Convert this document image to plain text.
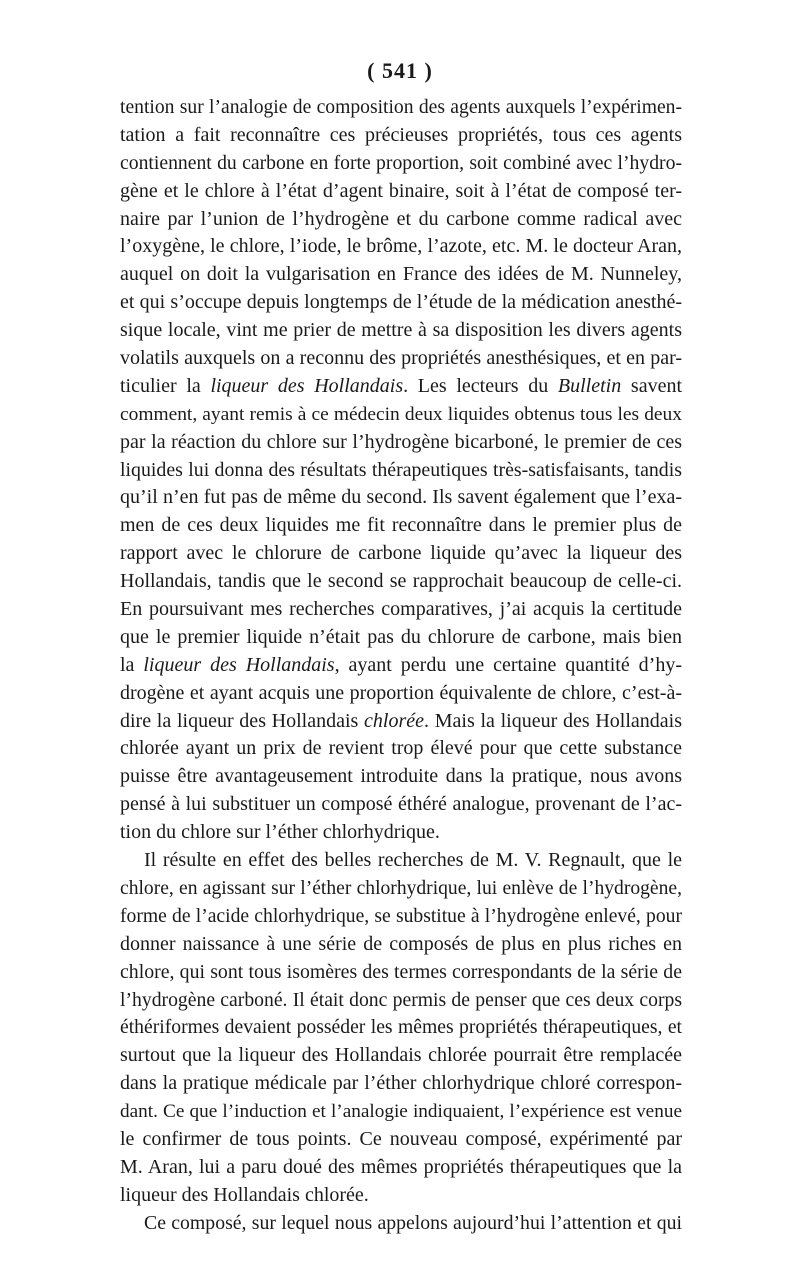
( 541 )
tention sur l’analogie de composition des agents auxquels l’expérimen-
tation a fait reconnaître ces précieuses propriétés, tous ces agents
contiennent du carbone en forte proportion, soit combiné avec l’hydro-
gène et le chlore à l’état d’agent binaire, soit à l’état de composé ter-
naire par l’union de l’hydrogène et du carbone comme radical avec
l’oxygène, le chlore, l’iode, le brôme, l’azote, etc. M. le docteur Aran,
auquel on doit la vulgarisation en France des idées de M. Nunneley,
et qui s’occupe depuis longtemps de l’étude de la médication anesthé-
sique locale, vint me prier de mettre à sa disposition les divers agents
volatils auxquels on a reconnu des propriétés anesthésiques, et en par-
ticulier la liqueur des Hollandais. Les lecteurs du Bulletin savent
comment, ayant remis à ce médecin deux liquides obtenus tous les deux
par la réaction du chlore sur l’hydrogène bicarboné, le premier de ces
liquides lui donna des résultats thérapeutiques très-satisfaisants, tandis
qu’il n’en fut pas de même du second. Ils savent également que l’exa-
men de ces deux liquides me fit reconnaître dans le premier plus de
rapport avec le chlorure de carbone liquide qu’avec la liqueur des
Hollandais, tandis que le second se rapprochait beaucoup de celle-ci.
En poursuivant mes recherches comparatives, j’ai acquis la certitude
que le premier liquide n’était pas du chlorure de carbone, mais bien
la liqueur des Hollandais, ayant perdu une certaine quantité d’hy-
drogène et ayant acquis une proportion équivalente de chlore, c’est-à-
dire la liqueur des Hollandais chlorée. Mais la liqueur des Hollandais
chlorée ayant un prix de revient trop élevé pour que cette substance
puisse être avantageusement introduite dans la pratique, nous avons
pensé à lui substituer un composé éthéré analogue, provenant de l’ac-
tion du chlore sur l’éther chlorhydrique.
Il résulte en effet des belles recherches de M. V. Regnault, que le
chlore, en agissant sur l’éther chlorhydrique, lui enlève de l’hydrogène,
forme de l’acide chlorhydrique, se substitue à l’hydrogène enlevé, pour
donner naissance à une série de composés de plus en plus riches en
chlore, qui sont tous isomères des termes correspondants de la série de
l’hydrogène carboné. Il était donc permis de penser que ces deux corps
éthériformes devaient posséder les mêmes propriétés thérapeutiques, et
surtout que la liqueur des Hollandais chlorée pourrait être remplacée
dans la pratique médicale par l’éther chlorhydrique chloré correspon-
dant. Ce que l’induction et l’analogie indiquaient, l’expérience est venue
le confirmer de tous points. Ce nouveau composé, expérimenté par
M. Aran, lui a paru doué des mêmes propriétés thérapeutiques que la
liqueur des Hollandais chlorée.
Ce composé, sur lequel nous appelons aujourd’hui l’attention et qui
